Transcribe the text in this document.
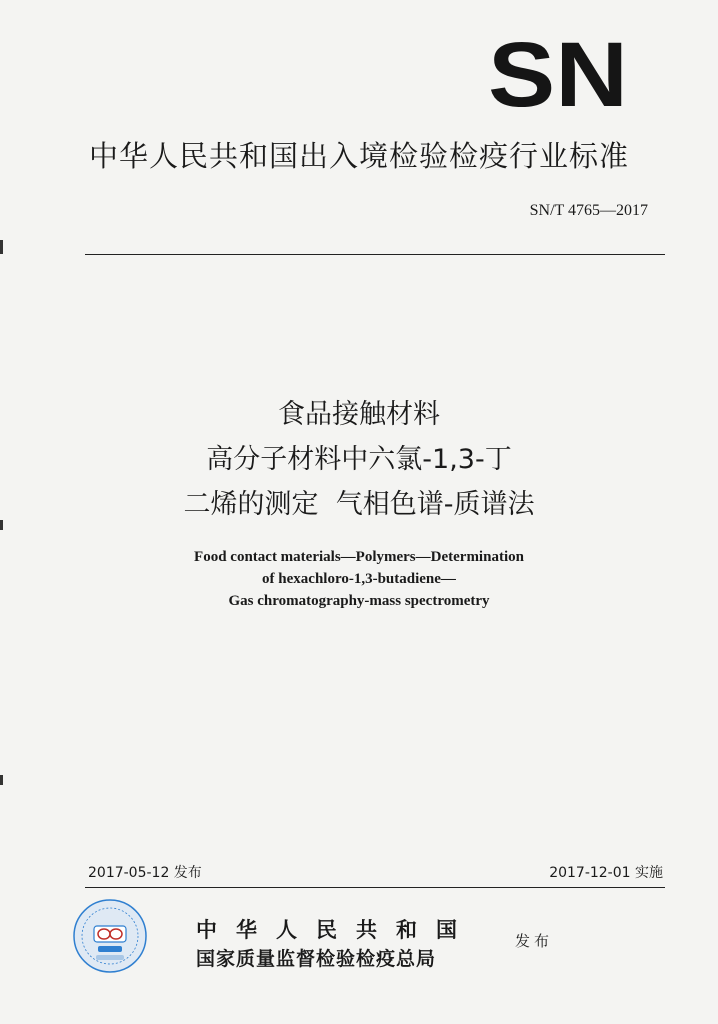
SN
中华人民共和国出入境检验检疫行业标准
SN/T 4765—2017
食品接触材料
高分子材料中六氯-1,3-丁
二烯的测定  气相色谱-质谱法
Food contact materials—Polymers—Determination
of hexachloro-1,3-butadiene—
Gas chromatography-mass spectrometry
2017-05-12 发布	2017-12-01 实施
中华人民共和国
国家质量监督检验检疫总局
发布
